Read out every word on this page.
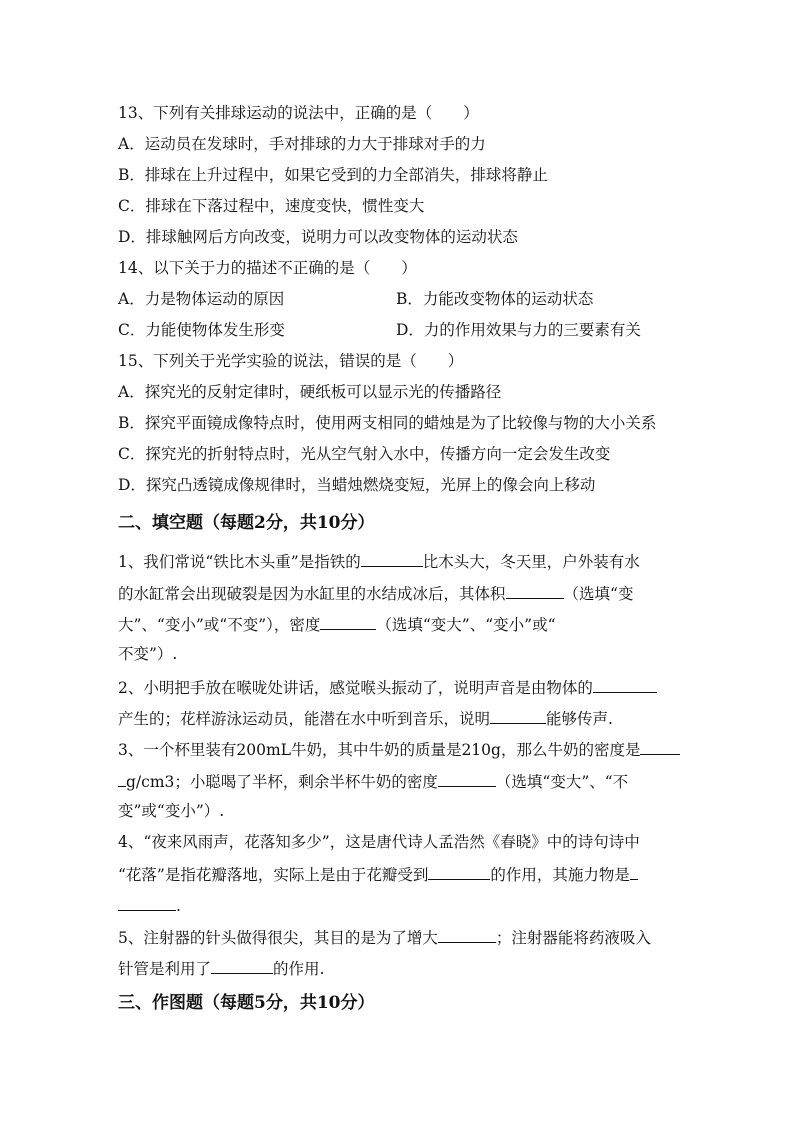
13、下列有关排球运动的说法中，正确的是（　　）
A．运动员在发球时，手对排球的力大于排球对手的力
B．排球在上升过程中，如果它受到的力全部消失，排球将静止
C．排球在下落过程中，速度变快，惯性变大
D．排球触网后方向改变，说明力可以改变物体的运动状态
14、以下关于力的描述不正确的是（　　）
A．力是物体运动的原因	B．力能改变物体的运动状态
C．力能使物体发生形变	D．力的作用效果与力的三要素有关
15、下列关于光学实验的说法，错误的是（　　）
A．探究光的反射定律时，硬纸板可以显示光的传播路径
B．探究平面镜成像特点时，使用两支相同的蜡烛是为了比较像与物的大小关系
C．探究光的折射特点时，光从空气射入水中，传播方向一定会发生改变
D．探究凸透镜成像规律时，当蜡烛燃烧变短，光屏上的像会向上移动
二、填空题（每题2分，共10分）
1、我们常说“铁比木头重”是指铁的	比木头大，冬天里，户外装有水
的水缸常会出现破裂是因为水缸里的水结成冰后，其体积	（选填“变
大”、“变小”或“不变”），密度	（选填“变大”、“变小”或“
不变”）.
2、小明把手放在喉咙处讲话，感觉喉头振动了，说明声音是由物体的
产生的；花样游泳运动员，能潜在水中听到音乐，说明	能够传声.
3、一个杯里装有200mL牛奶，其中牛奶的质量是210g，那么牛奶的密度是
g/cm3；小聪喝了半杯，剩余半杯牛奶的密度	（选填“变大”、“不
变”或“变小”）.
4、“夜来风雨声，花落知多少”，这是唐代诗人孟浩然《春晓》中的诗句诗中
“花落”是指花瓣落地，实际上是由于花瓣受到	的作用，其施力物是
.
5、注射器的针头做得很尖，其目的是为了增大	；注射器能将药液吸入
针管是利用了	的作用.
三、作图题（每题5分，共10分）
